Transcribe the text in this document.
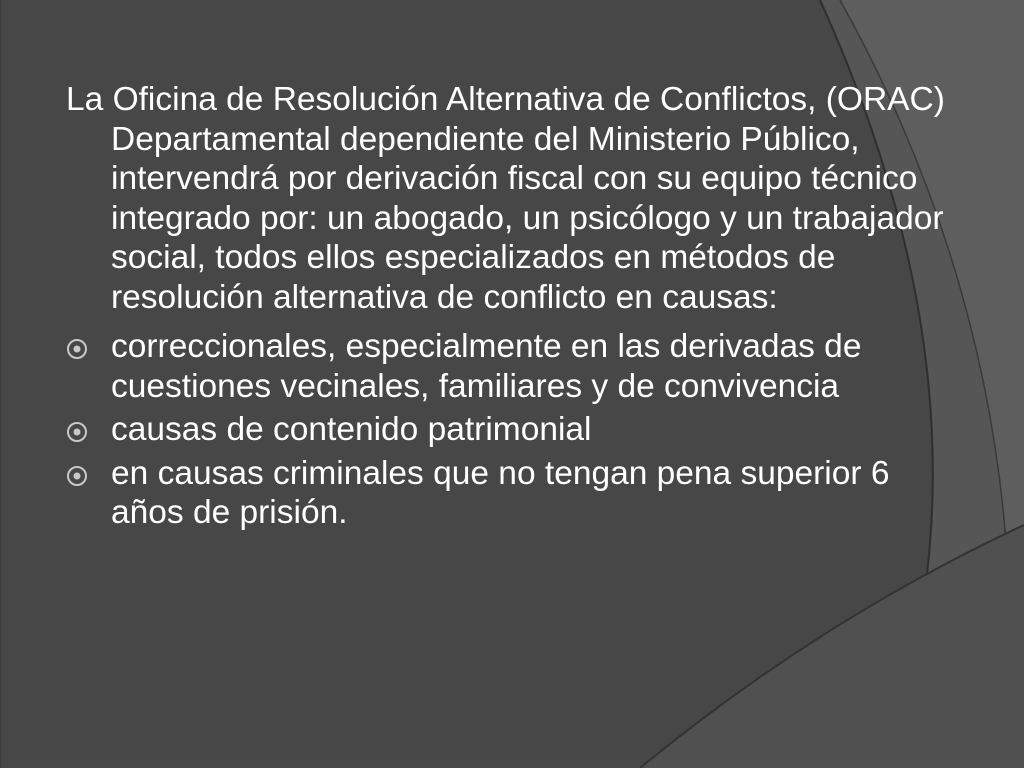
La Oficina de Resolución Alternativa de Conflictos, (ORAC) Departamental dependiente del Ministerio Público, intervendrá por derivación fiscal con su equipo técnico integrado por: un abogado, un psicólogo y un trabajador social, todos ellos especializados en métodos de resolución alternativa de conflicto en causas:

correccionales, especialmente en las derivadas de cuestiones vecinales, familiares y de convivencia
causas de contenido patrimonial
en causas criminales que no tengan pena superior 6 años de prisión.
